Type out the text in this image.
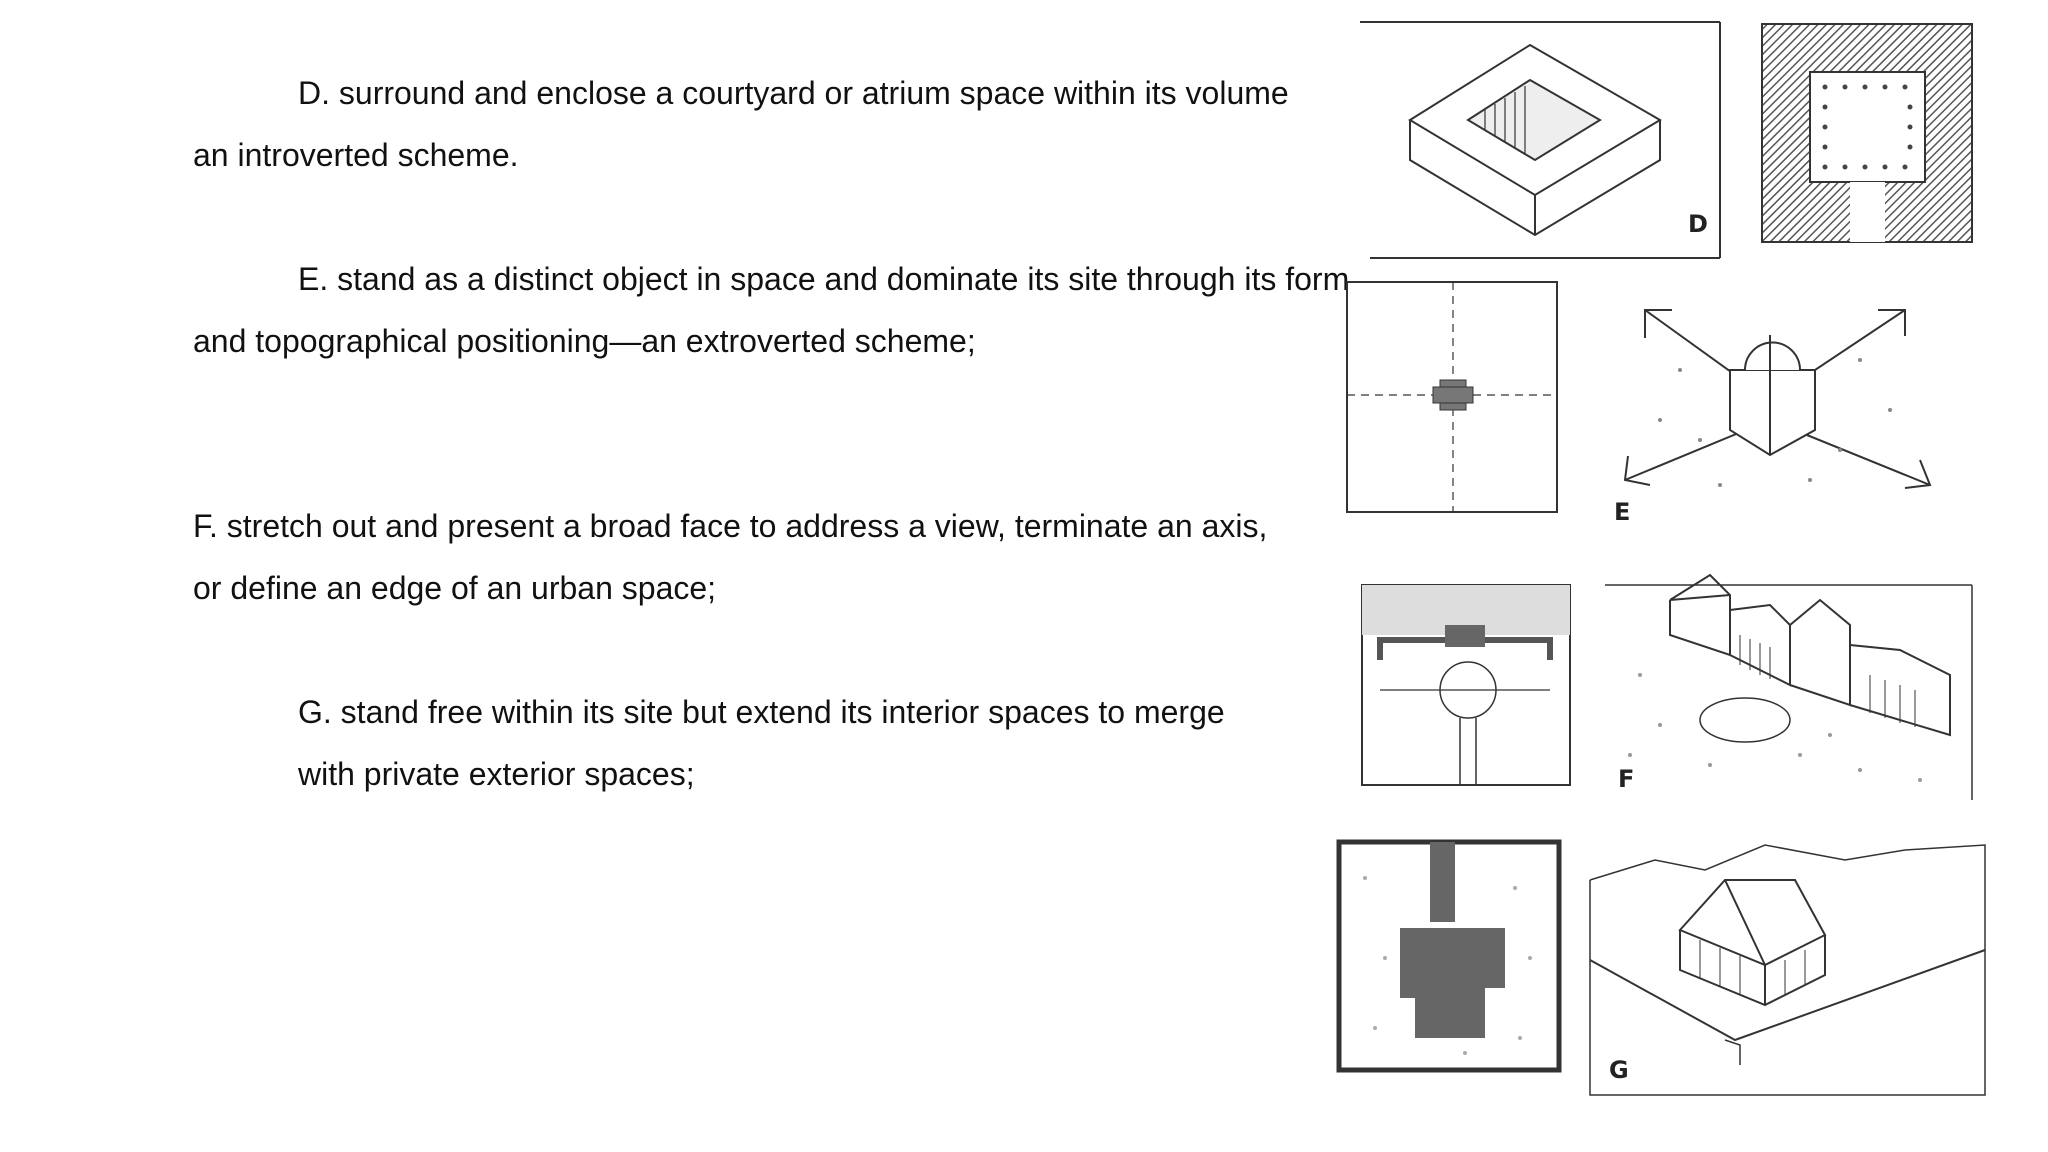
D. surround and enclose a courtyard or atrium space within its volume
an introverted scheme.
E. stand as a distinct object in space and dominate its site through its form
and topographical positioning—an extroverted scheme;
F. stretch out and present a broad face to address a view, terminate an axis,
or define an edge of an urban space;
G. stand free within its site but extend its interior spaces to merge
with private exterior spaces;
D
E
F
G
